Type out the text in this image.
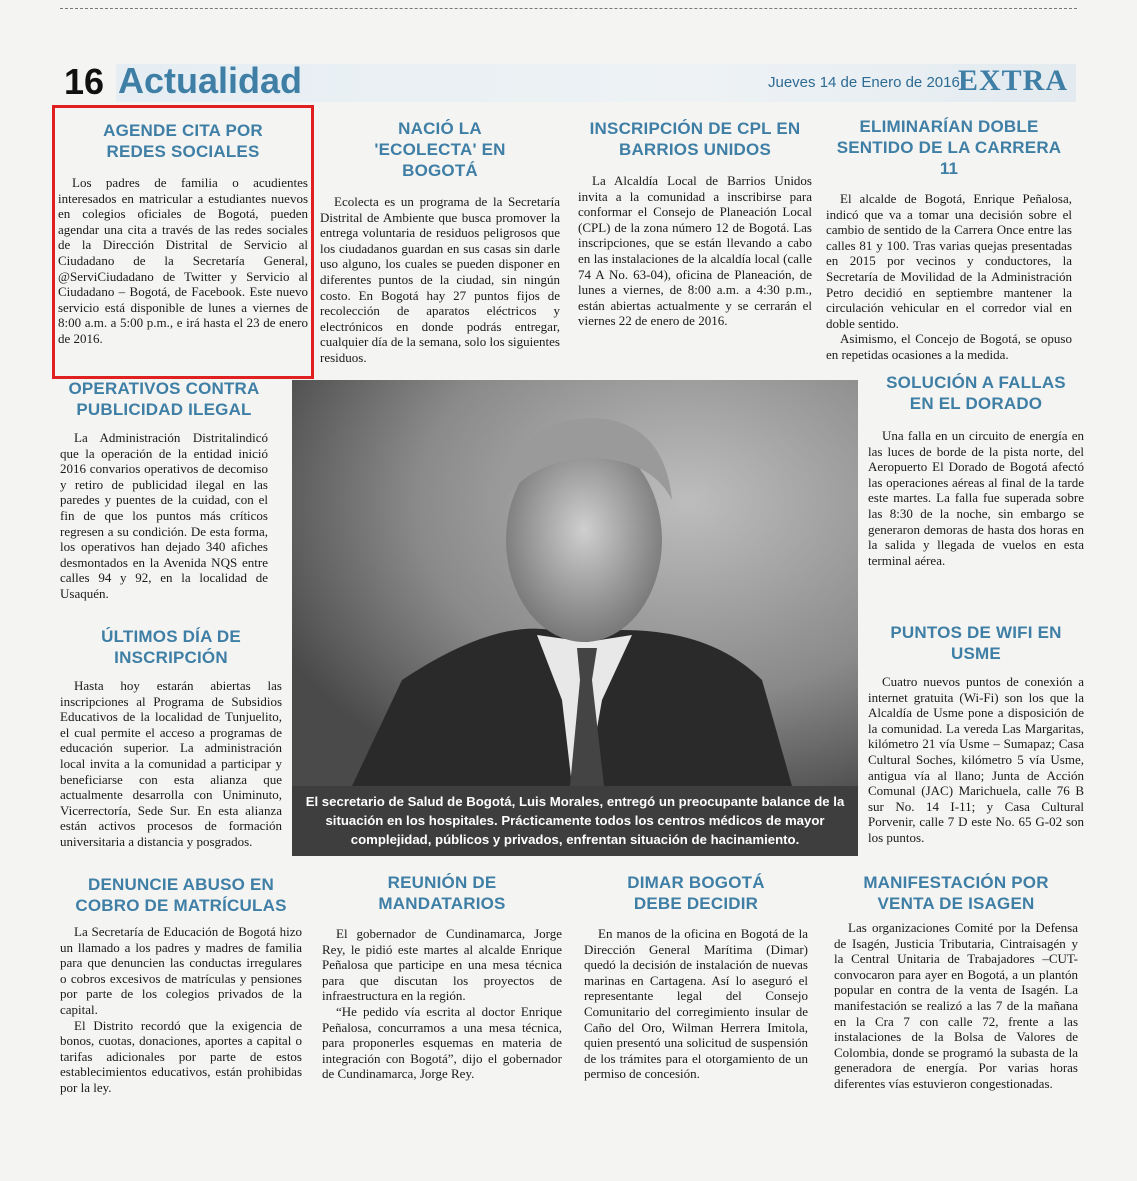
16 Actualidad	Jueves 14 de Enero de 2016
EXTRA
AGENDE CITA POR REDES SOCIALES

Los padres de familia o acudientes interesados en matricular a estudiantes nuevos en colegios oficiales de Bogotá, pueden agendar una cita a través de las redes sociales de la Dirección Distrital de Servicio al Ciudadano de la Secretaría General, @ServiCiudadano de Twitter y Servicio al Ciudadano – Bogotá, de Facebook. Este nuevo servicio está disponible de lunes a viernes de 8:00 a.m. a 5:00 p.m., e irá hasta el 23 de enero de 2016.

NACIÓ LA 'ECOLECTA' EN BOGOTÁ

Ecolecta es un programa de la Secretaría Distrital de Ambiente que busca promover la entrega voluntaria de residuos peligrosos que los ciudadanos guardan en sus casas sin darle uso alguno, los cuales se pueden disponer en diferentes puntos de la ciudad, sin ningún costo. En Bogotá hay 27 puntos fijos de recolección de aparatos eléctricos y electrónicos en donde podrás entregar, cualquier día de la semana, solo los siguientes residuos.

INSCRIPCIÓN DE CPL EN BARRIOS UNIDOS

La Alcaldía Local de Barrios Unidos invita a la comunidad a inscribirse para conformar el Consejo de Planeación Local (CPL) de la zona número 12 de Bogotá. Las inscripciones, que se están llevando a cabo en las instalaciones de la alcaldía local (calle 74 A No. 63-04), oficina de Planeación, de lunes a viernes, de 8:00 a.m. a 4:30 p.m., están abiertas actualmente y se cerrarán el viernes 22 de enero de 2016.

ELIMINARÍAN DOBLE SENTIDO DE LA CARRERA 11

El alcalde de Bogotá, Enrique Peñalosa, indicó que va a tomar una decisión sobre el cambio de sentido de la Carrera Once entre las calles 81 y 100. Tras varias quejas presentadas en 2015 por vecinos y conductores, la Secretaría de Movilidad de la Administración Petro decidió en septiembre mantener la circulación vehicular en el corredor vial en doble sentido.

Asimismo, el Concejo de Bogotá, se opuso en repetidas ocasiones a la medida.

OPERATIVOS CONTRA PUBLICIDAD ILEGAL

La Administración Distritalindicó que la operación de la entidad inició 2016 convarios operativos de decomiso y retiro de publicidad ilegal en las paredes y puentes de la cuidad, con el fin de que los puntos más críticos regresen a su condición. De esta forma, los operativos han dejado 340 afiches desmontados en la Avenida NQS entre calles 94 y 92, en la localidad de Usaquén.

ÚLTIMOS DÍA DE INSCRIPCIÓN

Hasta hoy estarán abiertas las inscripciones al Programa de Subsidios Educativos de la localidad de Tunjuelito, el cual permite el acceso a programas de educación superior. La administración local invita a la comunidad a participar y beneficiarse con esta alianza que actualmente desarrolla con Uniminuto, Vicerrectoría, Sede Sur. En esta alianza están activos procesos de formación universitaria a distancia y posgrados.

El secretario de Salud de Bogotá, Luis Morales, entregó un preocupante balance de la situación en los hospitales. Prácticamente todos los centros médicos de mayor complejidad, públicos y privados, enfrentan situación de hacinamiento.
SOLUCIÓN A FALLAS EN EL DORADO

Una falla en un circuito de energía en las luces de borde de la pista norte, del Aeropuerto El Dorado de Bogotá afectó las operaciones aéreas al final de la tarde este martes. La falla fue superada sobre las 8:30 de la noche, sin embargo se generaron demoras de hasta dos horas en la salida y llegada de vuelos en esta terminal aérea.

PUNTOS DE WIFI EN USME

Cuatro nuevos puntos de conexión a internet gratuita (Wi-Fi) son los que la Alcaldía de Usme pone a disposición de la comunidad. La vereda Las Margaritas, kilómetro 21 vía Usme – Sumapaz; Casa Cultural Soches, kilómetro 5 vía Usme, antigua vía al llano; Junta de Acción Comunal (JAC) Marichuela, calle 76 B sur No. 14 I-11; y Casa Cultural Porvenir, calle 7 D este No. 65 G-02 son los puntos.

DENUNCIE ABUSO EN COBRO DE MATRÍCULAS

La Secretaría de Educación de Bogotá hizo un llamado a los padres y madres de familia para que denuncien las conductas irregulares o cobros excesivos de matrículas y pensiones por parte de los colegios privados de la capital.

El Distrito recordó que la exigencia de bonos, cuotas, donaciones, aportes a capital o tarifas adicionales por parte de estos establecimientos educativos, están prohibidas por la ley.

REUNIÓN DE MANDATARIOS

El gobernador de Cundinamarca, Jorge Rey, le pidió este martes al alcalde Enrique Peñalosa que participe en una mesa técnica para que discutan los proyectos de infraestructura en la región.

“He pedido vía escrita al doctor Enrique Peñalosa, concurramos a una mesa técnica, para proponerles esquemas en materia de integración con Bogotá”, dijo el gobernador de Cundinamarca, Jorge Rey.

DIMAR BOGOTÁ DEBE DECIDIR

En manos de la oficina en Bogotá de la Dirección General Marítima (Dimar) quedó la decisión de instalación de nuevas marinas en Cartagena. Así lo aseguró el representante legal del Consejo Comunitario del corregimiento insular de Caño del Oro, Wilman Herrera Imitola, quien presentó una solicitud de suspensión de los trámites para el otorgamiento de un permiso de concesión.

MANIFESTACIÓN POR VENTA DE ISAGEN

Las organizaciones Comité por la Defensa de Isagén, Justicia Tributaria, Cintraisagén y la Central Unitaria de Trabajadores –CUT- convocaron para ayer en Bogotá, a un plantón popular en contra de la venta de Isagén. La manifestación se realizó a las 7 de la mañana en la Cra 7 con calle 72, frente a las instalaciones de la Bolsa de Valores de Colombia, donde se programó la subasta de la generadora de energía. Por varias horas diferentes vías estuvieron congestionadas.
